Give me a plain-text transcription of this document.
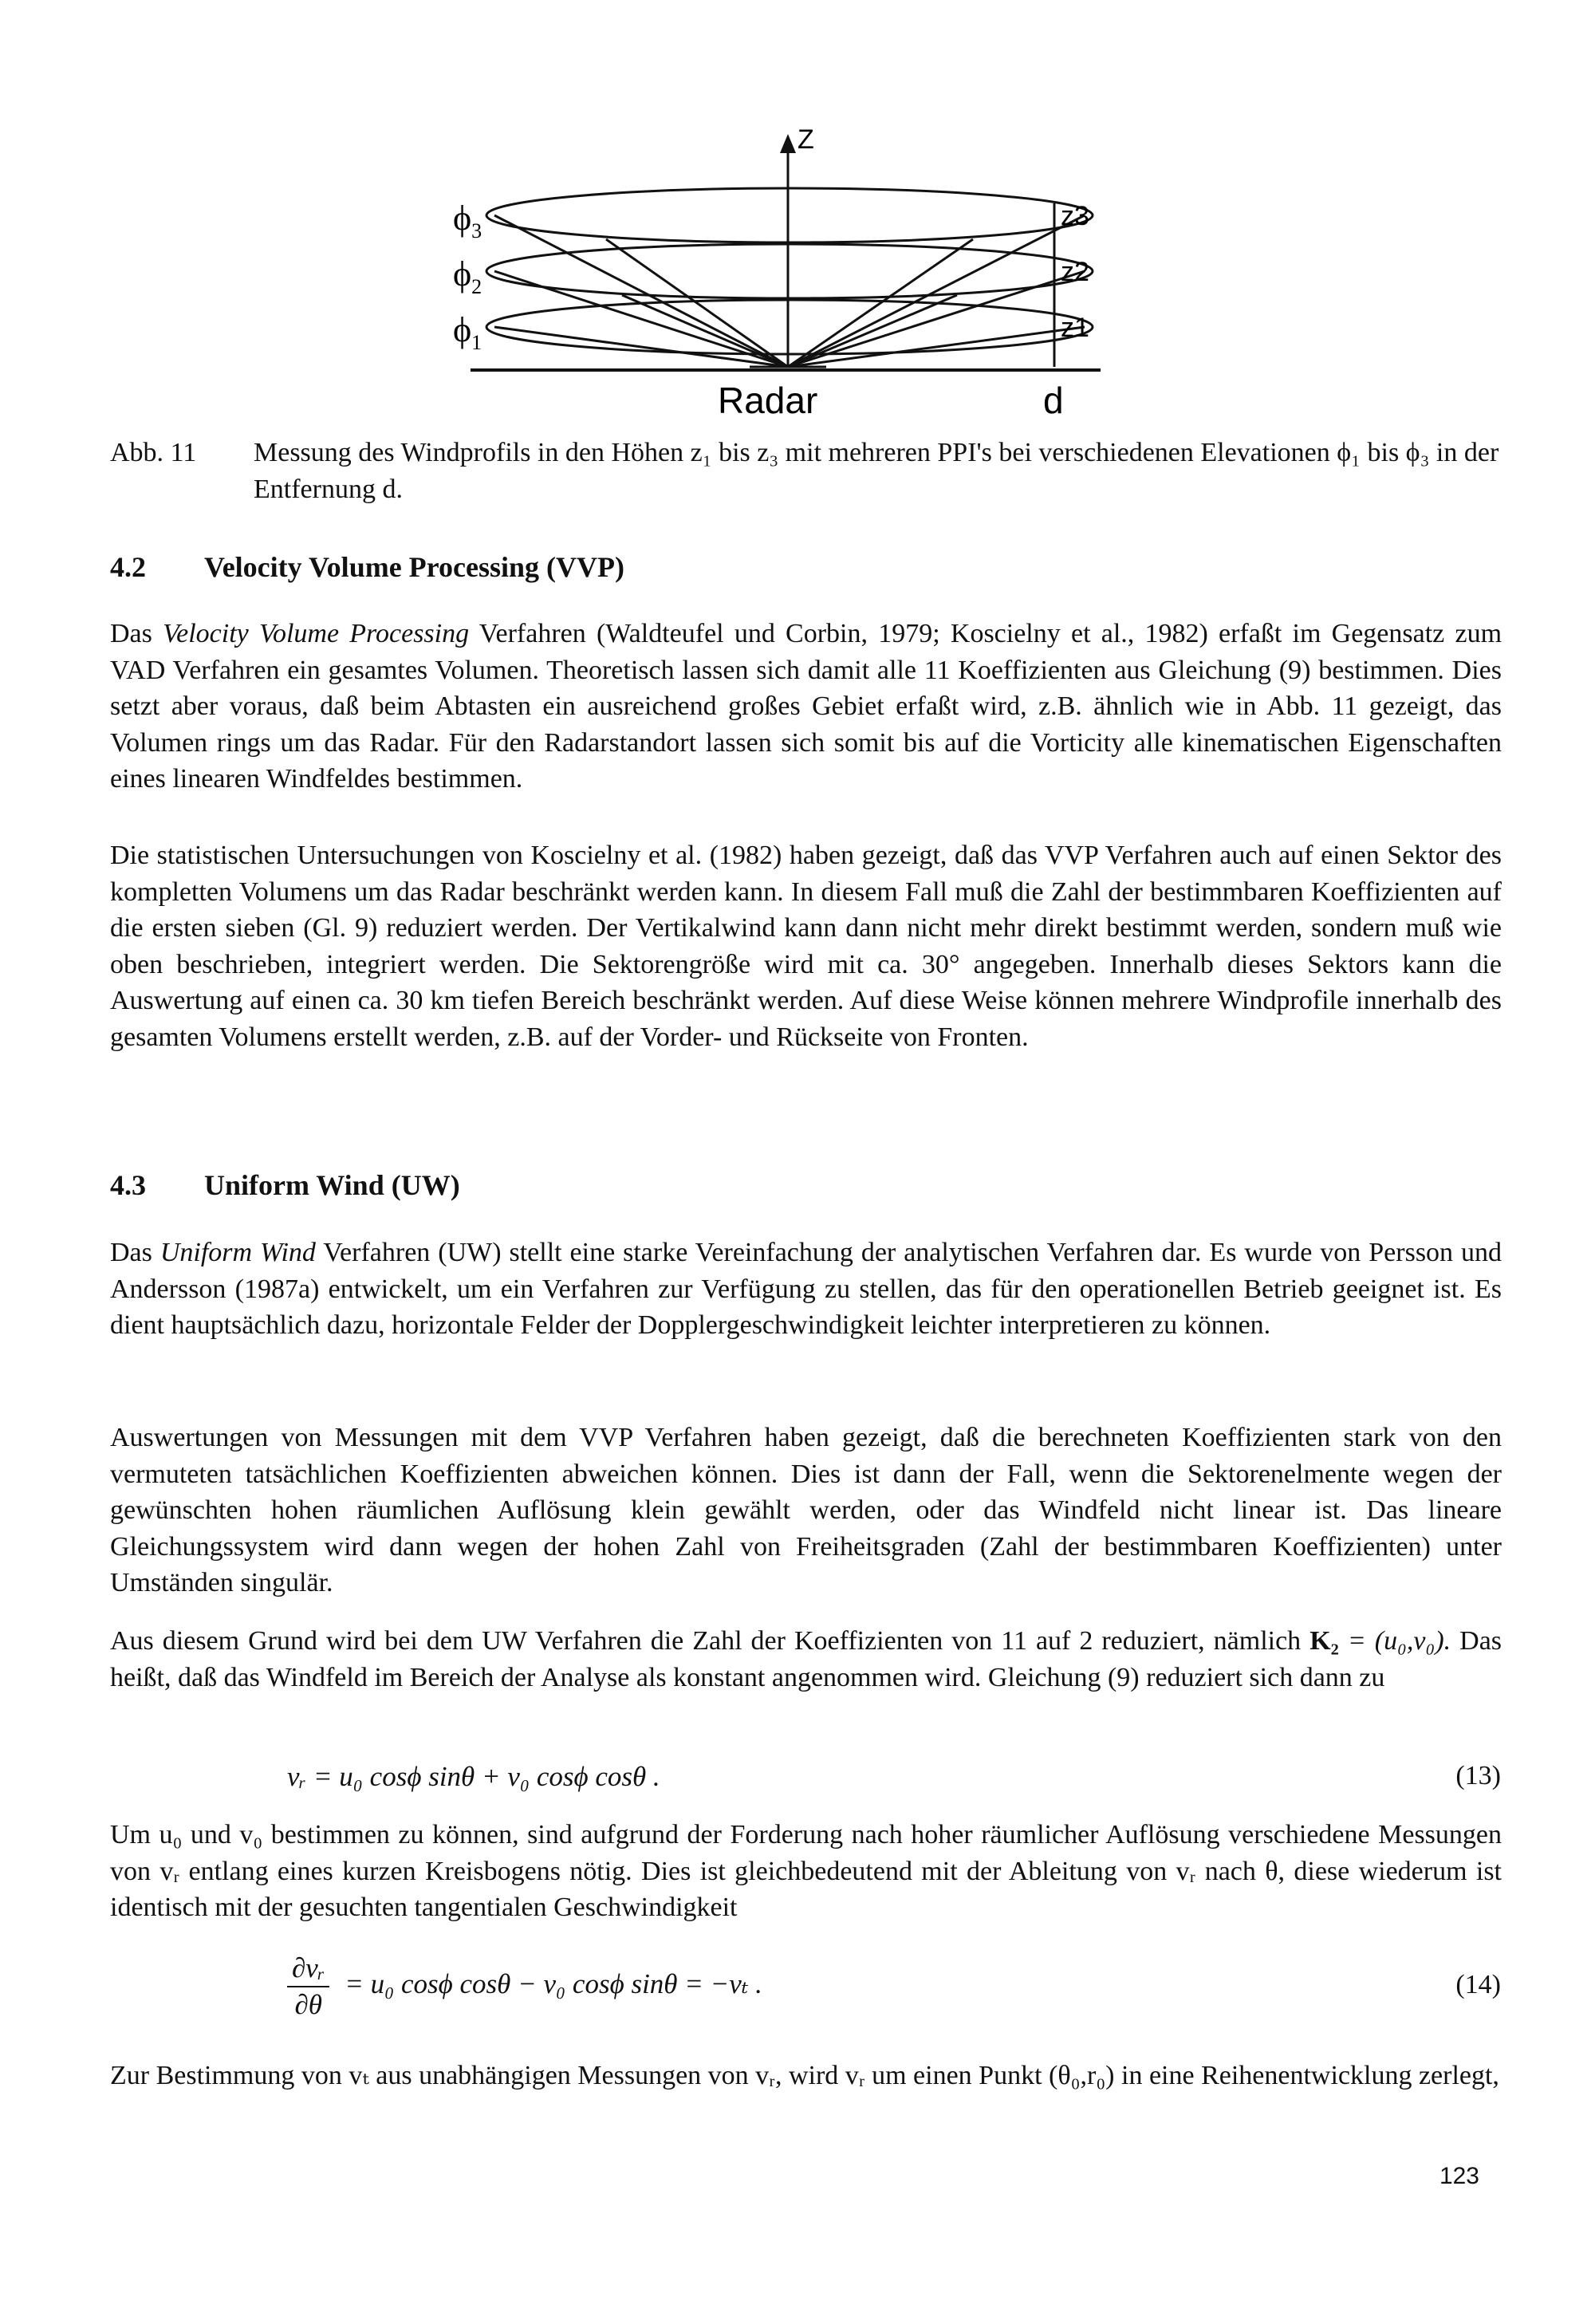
Z
$\phi_3$
$\phi_2$
$\phi_1$
z3
z2
z1
Radar	d
Abb. 11 Messung des Windprofils in den Höhen z₁ bis z₃ mit mehreren PPI's bei verschiedenen Elevationen ϕ₁ bis ϕ₃ in der Entfernung d.
4.2 Velocity Volume Processing (VVP)
Das Velocity Volume Processing Verfahren (Waldteufel und Corbin, 1979; Koscielny et al., 1982) erfaßt im Gegensatz zum VAD Verfahren ein gesamtes Volumen. Theoretisch lassen sich damit alle 11 Koeffizienten aus Gleichung (9) bestimmen. Dies setzt aber voraus, daß beim Abtasten ein ausreichend großes Gebiet erfaßt wird, z.B. ähnlich wie in Abb. 11 gezeigt, das Volumen rings um das Radar. Für den Radarstandort lassen sich somit bis auf die Vorticity alle kinematischen Eigenschaften eines linearen Windfeldes bestimmen.
Die statistischen Untersuchungen von Koscielny et al. (1982) haben gezeigt, daß das VVP Verfahren auch auf einen Sektor des kompletten Volumens um das Radar beschränkt werden kann. In diesem Fall muß die Zahl der bestimmbaren Koeffizienten auf die ersten sieben (Gl. 9) reduziert werden. Der Vertikalwind kann dann nicht mehr direkt bestimmt werden, sondern muß wie oben beschrieben, integriert werden. Die Sektorengröße wird mit ca. 30° angegeben. Innerhalb dieses Sektors kann die Auswertung auf einen ca. 30 km tiefen Bereich beschränkt werden. Auf diese Weise können mehrere Windprofile innerhalb des gesamten Volumens erstellt werden, z.B. auf der Vorder- und Rückseite von Fronten.
4.3 Uniform Wind (UW)
Das Uniform Wind Verfahren (UW) stellt eine starke Vereinfachung der analytischen Verfahren dar. Es wurde von Persson und Andersson (1987a) entwickelt, um ein Verfahren zur Verfügung zu stellen, das für den operationellen Betrieb geeignet ist. Es dient hauptsächlich dazu, horizontale Felder der Dopplergeschwindigkeit leichter interpretieren zu können.
Auswertungen von Messungen mit dem VVP Verfahren haben gezeigt, daß die berechneten Koeffizienten stark von den vermuteten tatsächlichen Koeffizienten abweichen können. Dies ist dann der Fall, wenn die Sektorenelmente wegen der gewünschten hohen räumlichen Auflösung klein gewählt werden, oder das Windfeld nicht linear ist. Das lineare Gleichungssystem wird dann wegen der hohen Zahl von Freiheitsgraden (Zahl der bestimmbaren Koeffizienten) unter Umständen singulär.
Aus diesem Grund wird bei dem UW Verfahren die Zahl der Koeffizienten von 11 auf 2 reduziert, nämlich K₂ = (u₀,v₀). Das heißt, daß das Windfeld im Bereich der Analyse als konstant angenommen wird. Gleichung (9) reduziert sich dann zu
vᵣ = u₀ cosϕ sinθ + v₀ cosϕ cosθ .	(13)
Um u₀ und v₀ bestimmen zu können, sind aufgrund der Forderung nach hoher räumlicher Auflösung verschiedene Messungen von vᵣ entlang eines kurzen Kreisbogens nötig. Dies ist gleichbedeutend mit der Ableitung von vᵣ nach θ, diese wiederum ist identisch mit der gesuchten tangentialen Geschwindigkeit
$\frac{\text{∂vᵣ}}{\partial\theta} = u_0$ cosϕ cosθ − v₀ cosϕ sinθ = −vₜ .	(14)
Zur Bestimmung von vₜ aus unabhängigen Messungen von vᵣ, wird vᵣ um einen Punkt (θ₀,r₀) in eine Reihenentwicklung zerlegt,
123
